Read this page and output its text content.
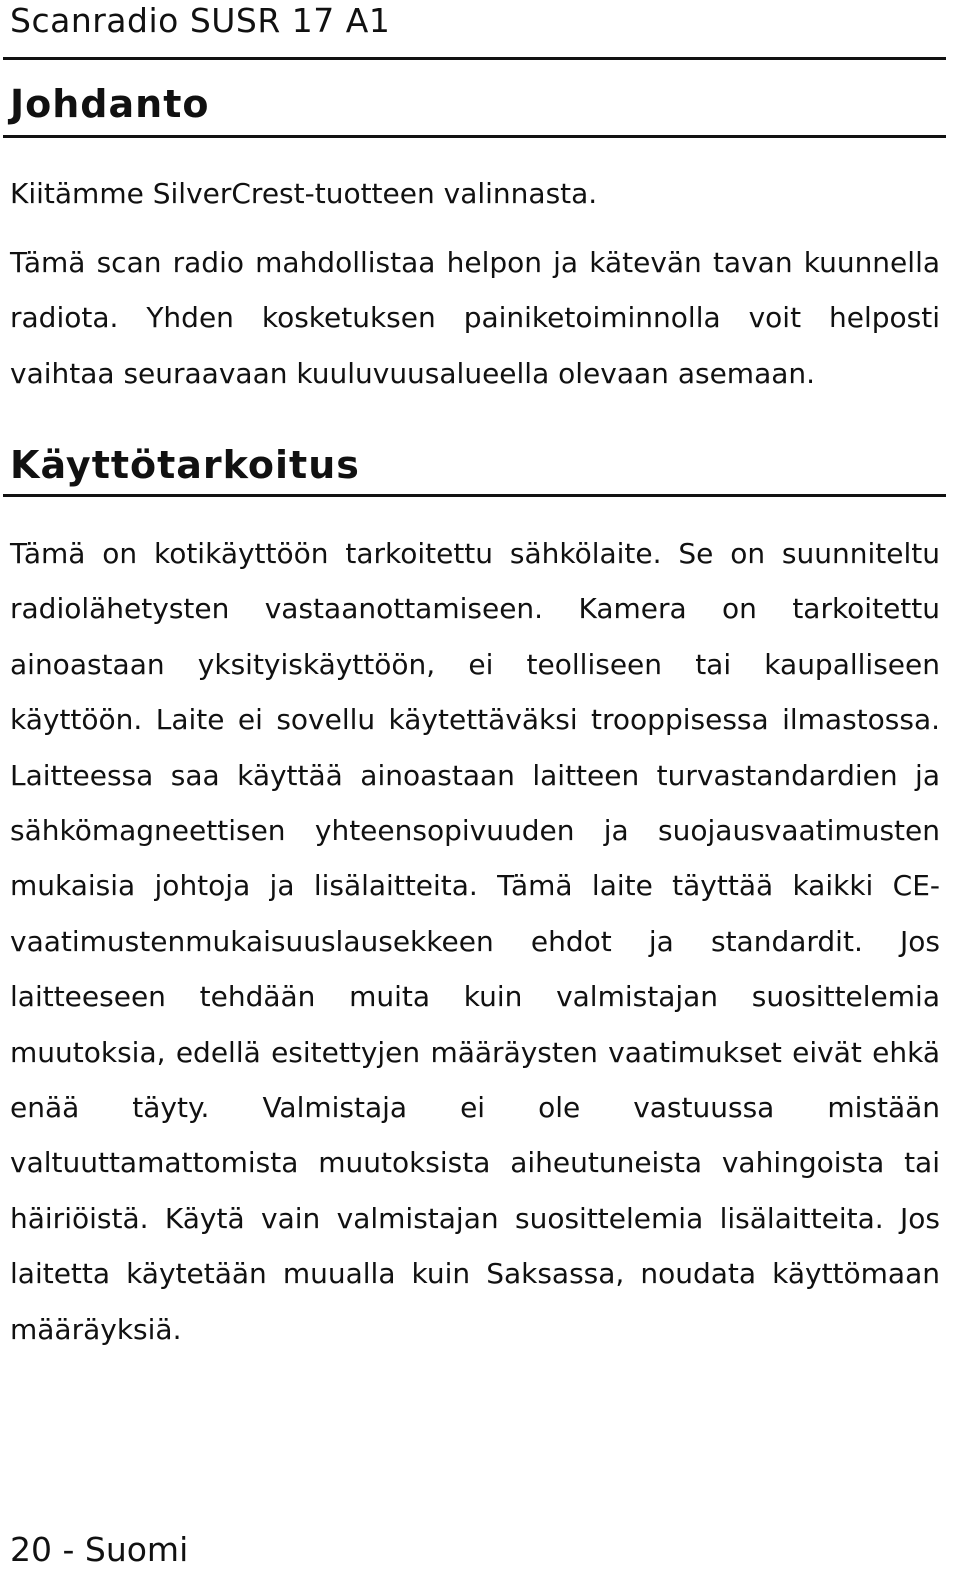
Scanradio SUSR 17 A1
Johdanto

Kiitämme SilverCrest-tuotteen valinnasta.

Tämä scan radio mahdollistaa helpon ja kätevän tavan kuunnella radiota. Yhden kosketuksen painiketoiminnolla voit helposti vaihtaa seuraavaan kuuluvuusalueella olevaan asemaan.

Käyttötarkoitus

Tämä on kotikäyttöön tarkoitettu sähkölaite. Se on suunniteltu radiolähetysten vastaanottamiseen. Kamera on tarkoitettu ainoastaan yksityiskäyttöön, ei teolliseen tai kaupalliseen käyttöön. Laite ei sovellu käytettäväksi trooppisessa ilmastossa. Laitteessa saa käyttää ainoastaan laitteen turvastandardien ja sähkömagneettisen yhteensopivuuden ja suojausvaatimusten mukaisia johtoja ja lisälaitteita. Tämä laite täyttää kaikki CE-vaatimustenmukaisuuslausekkeen ehdot ja standardit. Jos laitteeseen tehdään muita kuin valmistajan suosittelemia muutoksia, edellä esitettyjen määräysten vaatimukset eivät ehkä enää täyty. Valmistaja ei ole vastuussa mistään valtuuttamattomista muutoksista aiheutuneista vahingoista tai häiriöistä. Käytä vain valmistajan suosittelemia lisälaitteita. Jos laitetta käytetään muualla kuin Saksassa, noudata käyttömaan määräyksiä.

20 - Suomi
